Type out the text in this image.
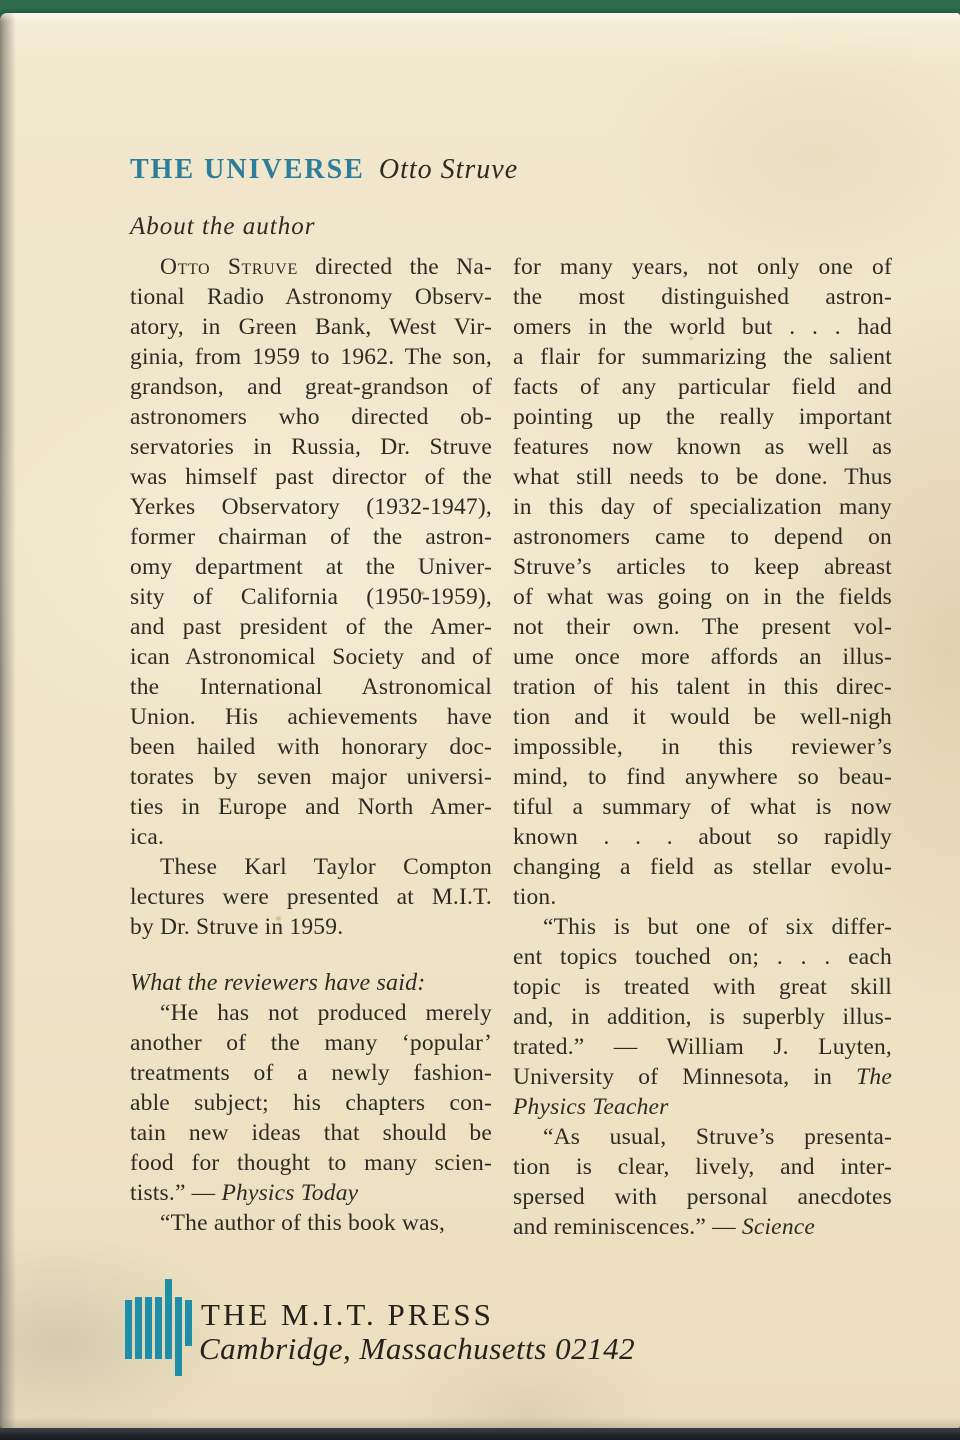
THE UNIVERSE Otto Struve
About the author
Otto Struve directed the Na-
tional Radio Astronomy Observ-
atory, in Green Bank, West Vir-
ginia, from 1959 to 1962. The son,
grandson, and great-grandson of
astronomers who directed ob-
servatories in Russia, Dr. Struve
was himself past director of the
Yerkes Observatory (1932-1947),
former chairman of the astron-
omy department at the Univer-
sity of California (1950-1959),
and past president of the Amer-
ican Astronomical Society and of
the International Astronomical
Union. His achievements have
been hailed with honorary doc-
torates by seven major universi-
ties in Europe and North Amer-
ica.
These Karl Taylor Compton
lectures were presented at M.I.T.
by Dr. Struve in 1959.
What the reviewers have said:
“He has not produced merely
another of the many ‘popular’
treatments of a newly fashion-
able subject; his chapters con-
tain new ideas that should be
food for thought to many scien-
tists.” — Physics Today
“The author of this book was,
for many years, not only one of
the most distinguished astron-
omers in the world but . . . had
a flair for summarizing the salient
facts of any particular field and
pointing up the really important
features now known as well as
what still needs to be done. Thus
in this day of specialization many
astronomers came to depend on
Struve’s articles to keep abreast
of what was going on in the fields
not their own. The present vol-
ume once more affords an illus-
tration of his talent in this direc-
tion and it would be well-nigh
impossible, in this reviewer’s
mind, to find anywhere so beau-
tiful a summary of what is now
known . . . about so rapidly
changing a field as stellar evolu-
tion.
“This is but one of six differ-
ent topics touched on; . . . each
topic is treated with great skill
and, in addition, is superbly illus-
trated.” — William J. Luyten,
University of Minnesota, in The
Physics Teacher
“As usual, Struve’s presenta-
tion is clear, lively, and inter-
spersed with personal anecdotes
and reminiscences.” — Science
THE M.I.T. PRESS
Cambridge, Massachusetts 02142
